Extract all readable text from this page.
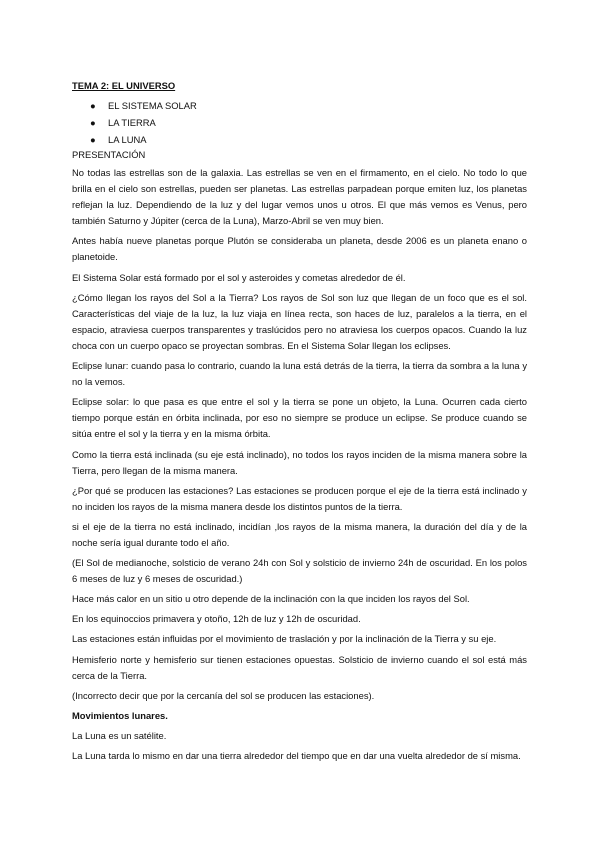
TEMA 2: EL UNIVERSO
● EL SISTEMA SOLAR
● LA TIERRA
● LA LUNA
PRESENTACIÓN

No todas las estrellas son de la galaxia. Las estrellas se ven en el firmamento, en el cielo. No todo lo que brilla en el cielo son estrellas, pueden ser planetas. Las estrellas parpadean porque emiten luz, los planetas reflejan la luz. Dependiendo de la luz y del lugar vemos unos u otros. El que más vemos es Venus, pero también Saturno y Júpiter (cerca de la Luna), Marzo-Abril se ven muy bien.

Antes había nueve planetas porque Plutón se consideraba un planeta, desde 2006 es un planeta enano o planetoide.

El Sistema Solar está formado por el sol y asteroides y cometas alrededor de él.

¿Cómo llegan los rayos del Sol a la Tierra? Los rayos de Sol son luz que llegan de un foco que es el sol. Características del viaje de la luz, la luz viaja en línea recta, son haces de luz, paralelos a la tierra, en el espacio, atraviesa cuerpos transparentes y traslúcidos pero no atraviesa los cuerpos opacos. Cuando la luz choca con un cuerpo opaco se proyectan sombras. En el Sistema Solar llegan los eclipses.

Eclipse lunar: cuando pasa lo contrario, cuando la luna está detrás de la tierra, la tierra da sombra a la luna y no la vemos.

Eclipse solar: lo que pasa es que entre el sol y la tierra se pone un objeto, la Luna. Ocurren cada cierto tiempo porque están en órbita inclinada, por eso no siempre se produce un eclipse. Se produce cuando se sitúa entre el sol y la tierra y en la misma órbita.

Como la tierra está inclinada (su eje está inclinado), no todos los rayos inciden de la misma manera sobre la Tierra, pero llegan de la misma manera.

¿Por qué se producen las estaciones? Las estaciones se producen porque el eje de la tierra está inclinado y no inciden los rayos de la misma manera desde los distintos puntos de la tierra.

si el eje de la tierra no está inclinado, incidían ,los rayos de la misma manera, la duración del día y de la noche sería igual durante todo el año.

(El Sol de medianoche, solsticio de verano 24h con Sol y solsticio de invierno 24h de oscuridad. En los polos 6 meses de luz y 6 meses de oscuridad.)

Hace más calor en un sitio u otro depende de la inclinación con la que inciden los rayos del Sol.

En los equinoccios primavera y otoño, 12h de luz y 12h de oscuridad.

Las estaciones están influidas por el movimiento de traslación y por la inclinación de la Tierra y su eje.

Hemisferio norte y hemisferio sur tienen estaciones opuestas. Solsticio de invierno cuando el sol está más cerca de la Tierra.

(Incorrecto decir que por la cercanía del sol se producen las estaciones).

Movimientos lunares.

La Luna es un satélite.

La Luna tarda lo mismo en dar una tierra alrededor del tiempo que en dar una vuelta alrededor de sí misma.
